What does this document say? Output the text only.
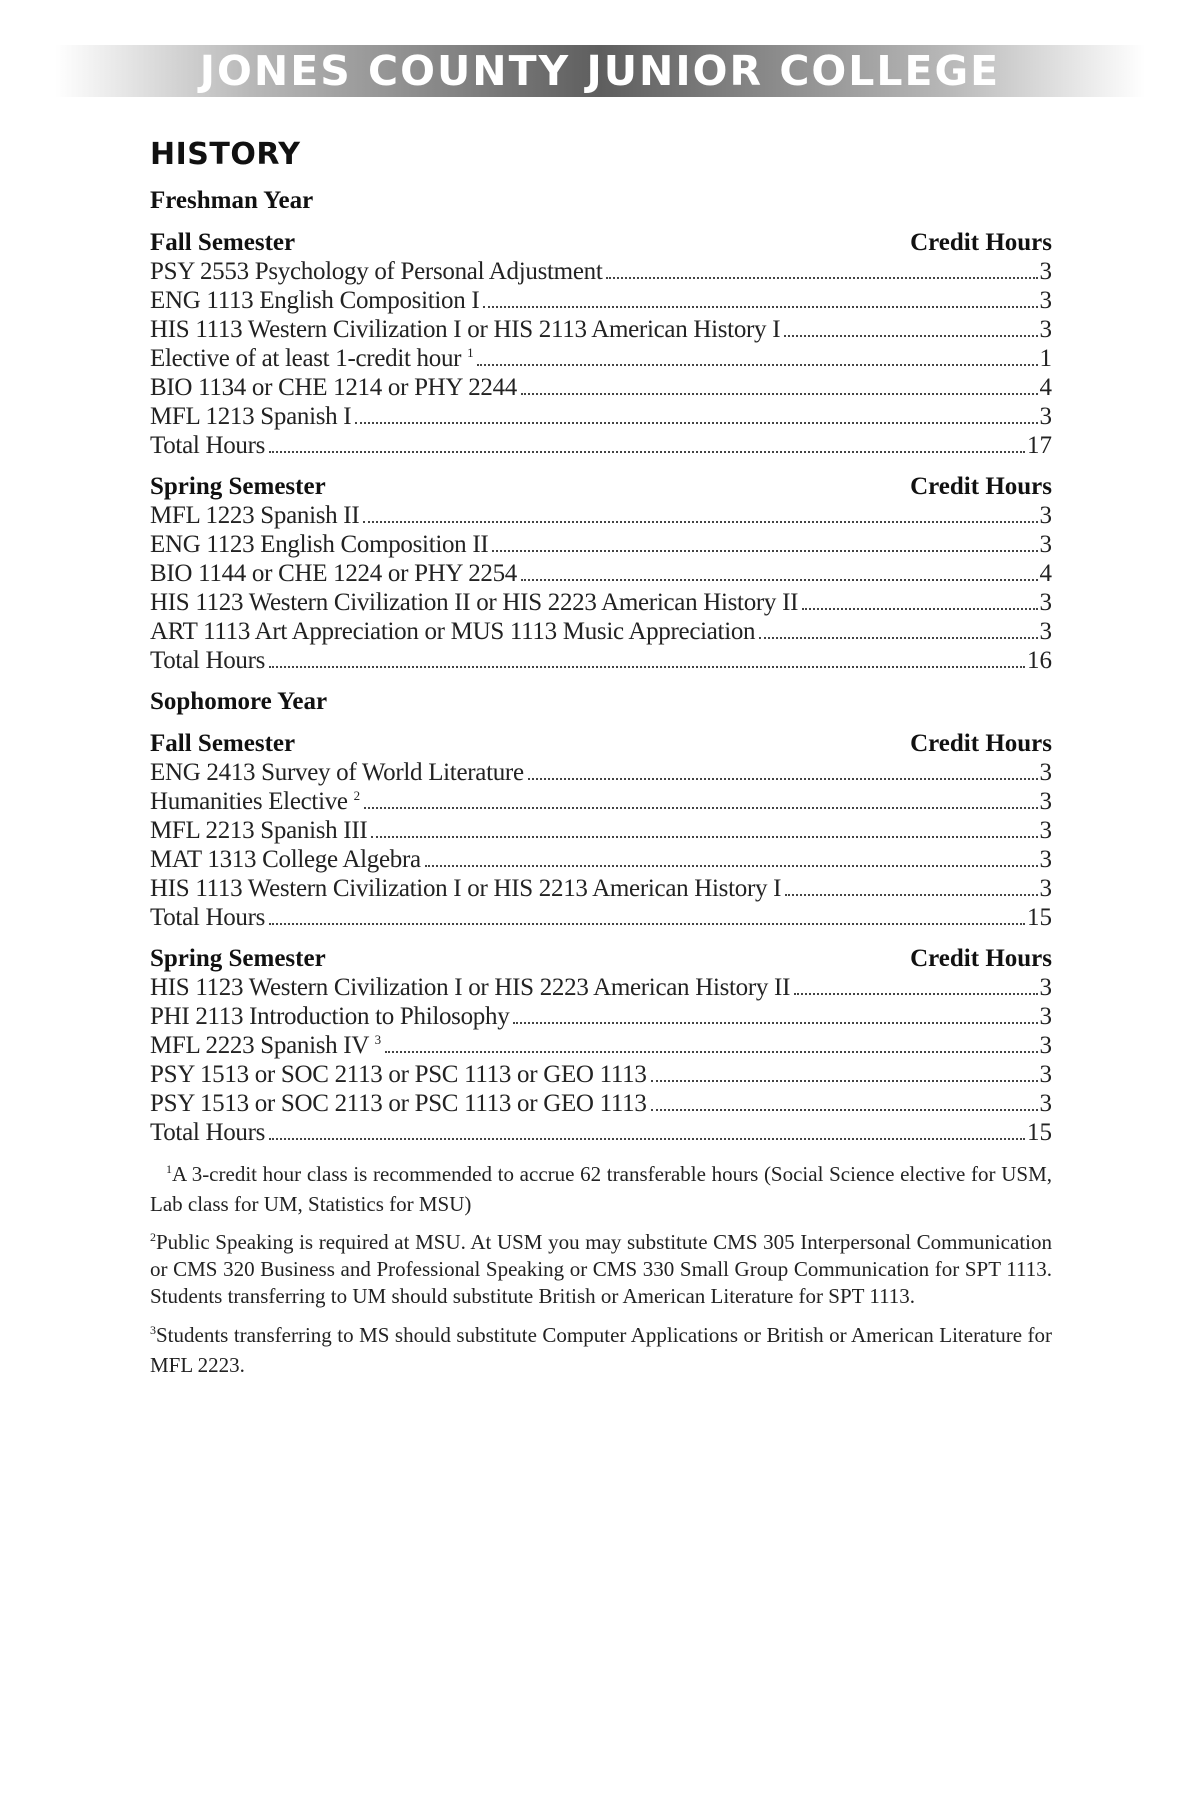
JONES COUNTY JUNIOR COLLEGE
HISTORY
Freshman Year
Fall Semester	Credit Hours
PSY 2553 Psychology of Personal Adjustment	3
ENG 1113 English Composition I	3
HIS 1113 Western Civilization I or HIS 2113 American History I	3
Elective of at least 1-credit hour $^1$	1
BIO 1134 or CHE 1214 or PHY 2244	4
MFL 1213 Spanish I	3
Total Hours	17
Spring Semester	Credit Hours
MFL 1223 Spanish II	3
ENG 1123 English Composition II	3
BIO 1144 or CHE 1224 or PHY 2254	4
HIS 1123 Western Civilization II or HIS 2223 American History II	3
ART 1113 Art Appreciation or MUS 1113 Music Appreciation	3
Total Hours	16
Sophomore Year
Fall Semester	Credit Hours
ENG 2413 Survey of World Literature	3
Humanities Elective $^2$	3
MFL 2213 Spanish III	3
MAT 1313 College Algebra	3
HIS 1113 Western Civilization I or HIS 2213 American History I	3
Total Hours	15
Spring Semester	Credit Hours
HIS 1123 Western Civilization I or HIS 2223 American History II	3
PHI 2113 Introduction to Philosophy	3
MFL 2223 Spanish IV $^3$	3
PSY 1513 or SOC 2113 or PSC 1113 or GEO 1113	3
PSY 1513 or SOC 2113 or PSC 1113 or GEO 1113	3
Total Hours	15

$^1$A 3-credit hour class is recommended to accrue 62 transferable hours (Social Science elective for USM, Lab class for UM, Statistics for MSU)

$^2$Public Speaking is required at MSU. At USM you may substitute CMS 305 Interpersonal Communication or CMS 320 Business and Professional Speaking or CMS 330 Small Group Communication for SPT 1113. Students transferring to UM should substitute British or American Literature for SPT 1113.

$^3$Students transferring to MS should substitute Computer Applications or British or American Literature for MFL 2223.
